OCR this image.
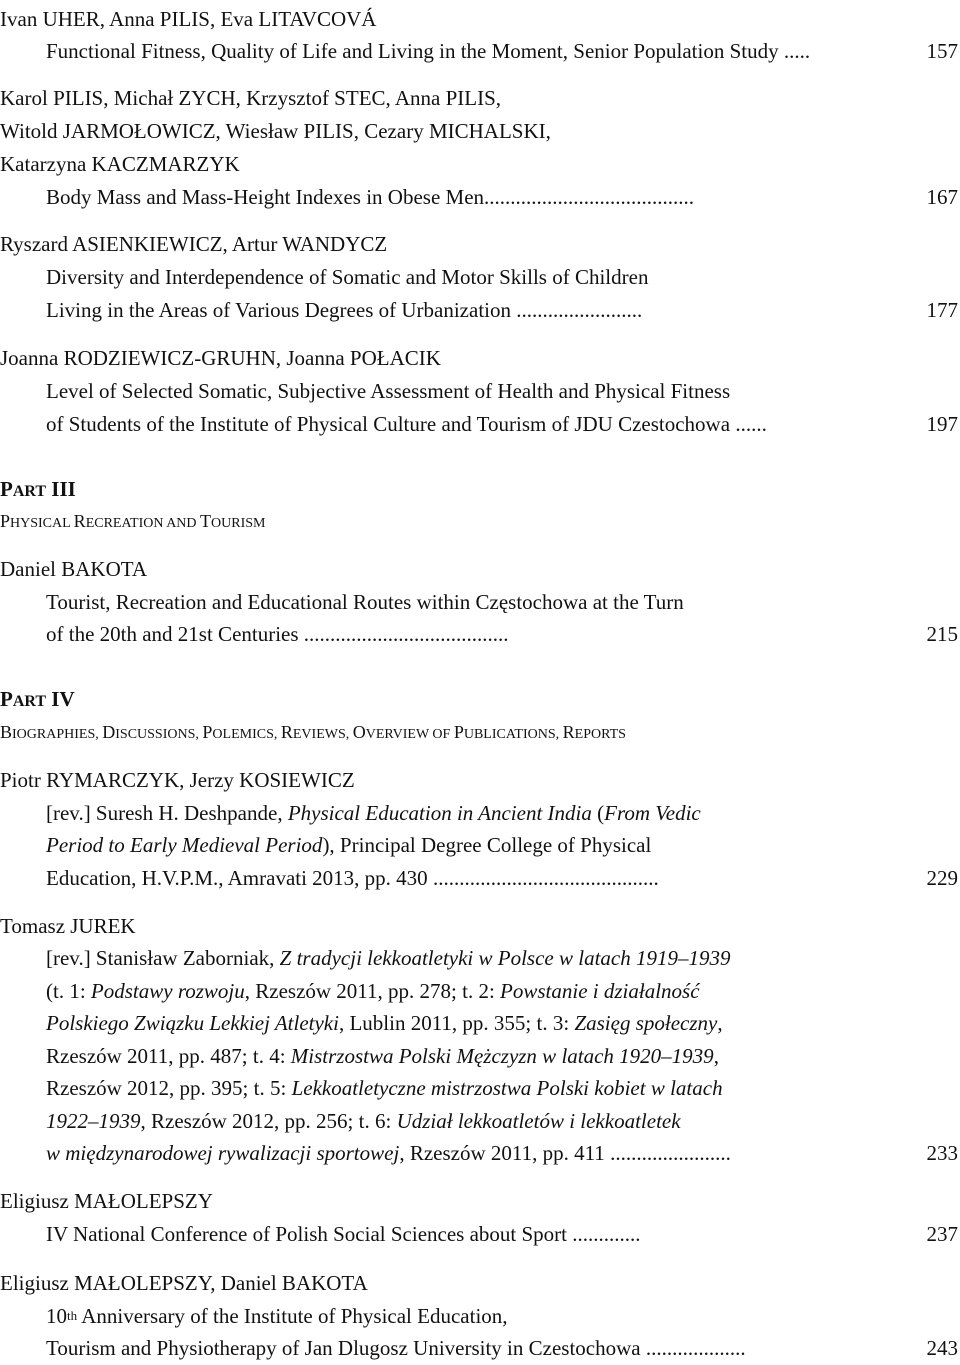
Ivan UHER, Anna PILIS, Eva LITAVCOVÁ
Functional Fitness, Quality of Life and Living in the Moment, Senior Population Study .....	157
Karol PILIS, Michał ZYCH, Krzysztof STEC, Anna PILIS,
Witold JARMOŁOWICZ, Wiesław PILIS, Cezary MICHALSKI,
Katarzyna KACZMARZYK
Body Mass and Mass-Height Indexes in Obese Men........................................	167
Ryszard ASIENKIEWICZ, Artur WANDYCZ
Diversity and Interdependence of Somatic and Motor Skills of Children
Living in the Areas of Various Degrees of Urbanization ........................	177
Joanna RODZIEWICZ-GRUHN, Joanna POŁACIK
Level of Selected Somatic, Subjective Assessment of Health and Physical Fitness
of Students of the Institute of Physical Culture and Tourism of JDU Czestochowa ......	197
PART III
PHYSICAL RECREATION AND TOURISM
Daniel BAKOTA
Tourist, Recreation and Educational Routes within Częstochowa at the Turn
of the 20th and 21st Centuries .......................................	215
PART IV
BIOGRAPHIES, DISCUSSIONS, POLEMICS, REVIEWS, OVERVIEW OF PUBLICATIONS, REPORTS
Piotr RYMARCZYK, Jerzy KOSIEWICZ
[rev.] Suresh H. Deshpande, Physical Education in Ancient India (From Vedic
Period to Early Medieval Period), Principal Degree College of Physical
Education, H.V.P.M., Amravati 2013, pp. 430 ...........................................	229
Tomasz JUREK
[rev.] Stanisław Zaborniak, Z tradycji lekkoatletyki w Polsce w latach 1919–1939
(t. 1: Podstawy rozwoju, Rzeszów 2011, pp. 278; t. 2: Powstanie i działalność
Polskiego Związku Lekkiej Atletyki, Lublin 2011, pp. 355; t. 3: Zasięg społeczny,
Rzeszów 2011, pp. 487; t. 4: Mistrzostwa Polski Mężczyzn w latach 1920–1939,
Rzeszów 2012, pp. 395; t. 5: Lekkoatletyczne mistrzostwa Polski kobiet w latach
1922–1939, Rzeszów 2012, pp. 256; t. 6: Udział lekkoatletów i lekkoatletek
w międzynarodowej rywalizacji sportowej, Rzeszów 2011, pp. 411 .......................	233
Eligiusz MAŁOLEPSZY
IV National Conference of Polish Social Sciences about Sport .............	237
Eligiusz MAŁOLEPSZY, Daniel BAKOTA
10th Anniversary of the Institute of Physical Education,
Tourism and Physiotherapy of Jan Dlugosz University in Czestochowa ...................	243
